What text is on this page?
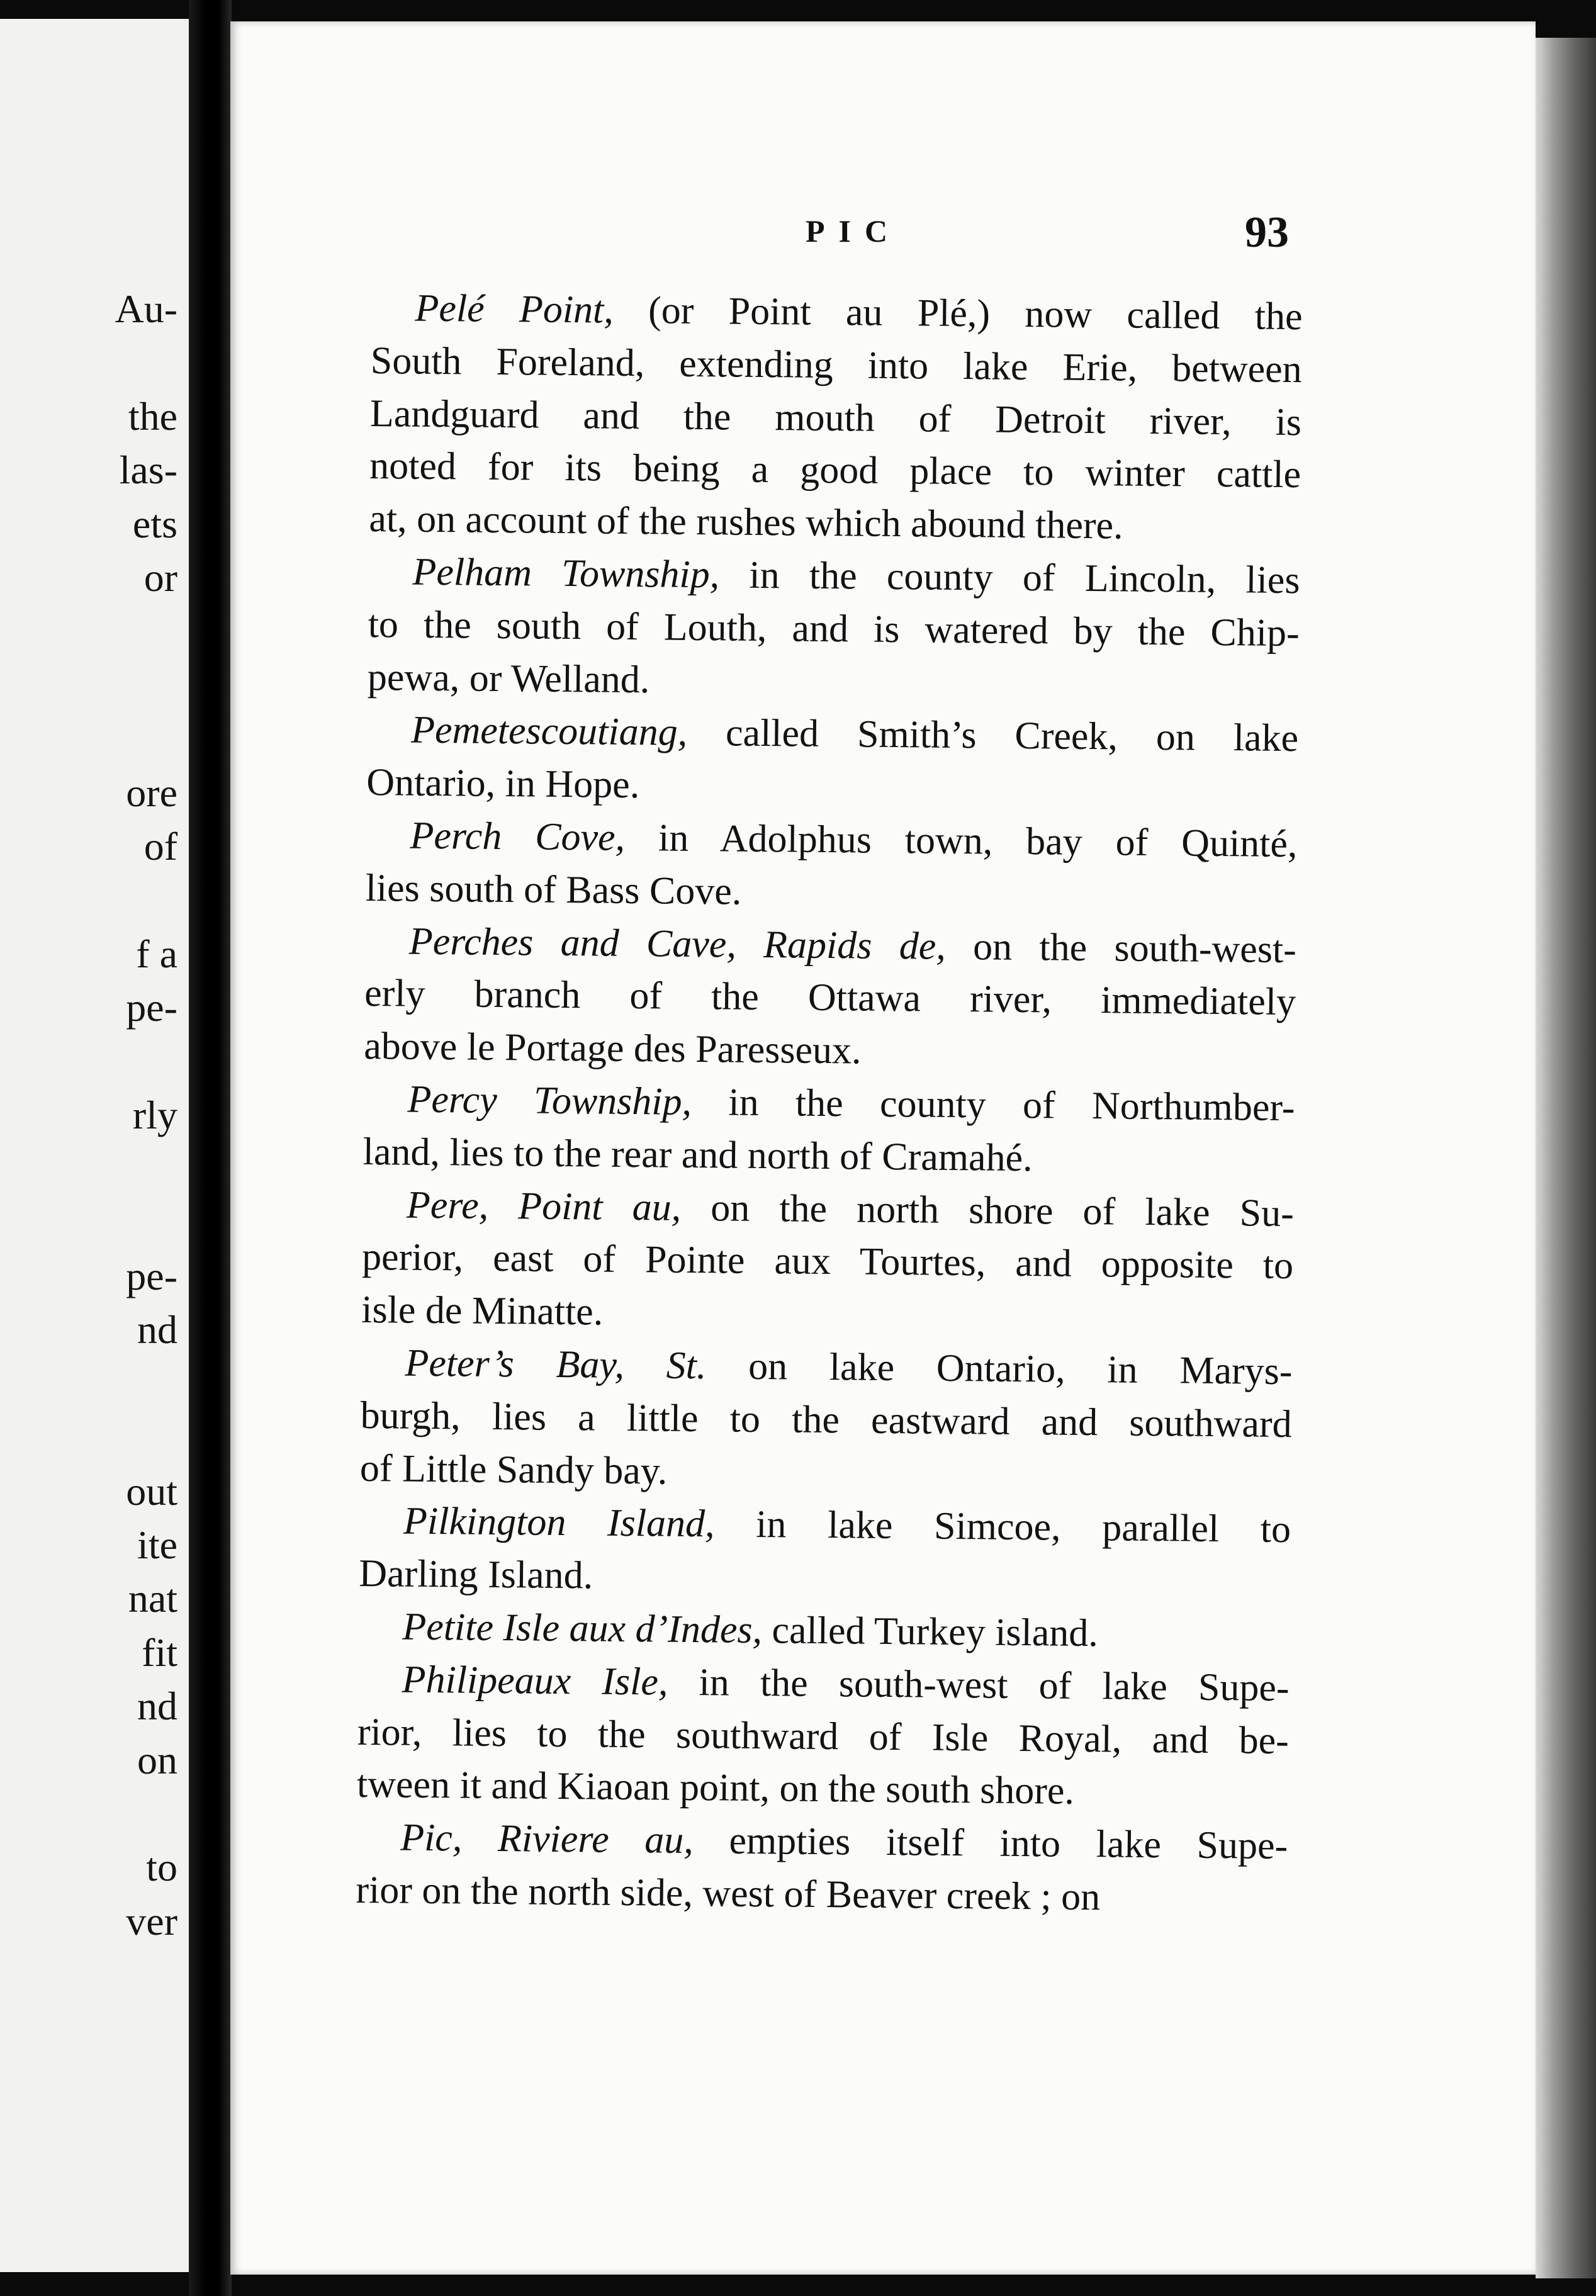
Au-
the
las-
ets
or
ore
of
f a
pe-
rly
pe-
nd
out
ite
nat
fit
nd
on
to
ver
PIC	93
Pelé Point, (or Point au Plé,) now called the
South Foreland, extending into lake Erie, between
Landguard and the mouth of Detroit river, is
noted for its being a good place to winter cattle
at, on account of the rushes which abound there.
Pelham Township, in the county of Lincoln, lies
to the south of Louth, and is watered by the Chip-
pewa, or Welland.
Pemetescoutiang, called Smith’s Creek, on lake
Ontario, in Hope.
Perch Cove, in Adolphus town, bay of Quinté,
lies south of Bass Cove.
Perches and Cave, Rapids de, on the south-west-
erly branch of the Ottawa river, immediately
above le Portage des Paresseux.
Percy Township, in the county of Northumber-
land, lies to the rear and north of Cramahé.
Pere, Point au, on the north shore of lake Su-
perior, east of Pointe aux Tourtes, and opposite to
isle de Minatte.
Peter’s Bay, St. on lake Ontario, in Marys-
burgh, lies a little to the eastward and southward
of Little Sandy bay.
Pilkington Island, in lake Simcoe, parallel to
Darling Island.
Petite Isle aux d’Indes, called Turkey island.
Philipeaux Isle, in the south-west of lake Supe-
rior, lies to the southward of Isle Royal, and be-
tween it and Kiaoan point, on the south shore.
Pic, Riviere au, empties itself into lake Supe-
rior on the north side, west of Beaver creek ; on
